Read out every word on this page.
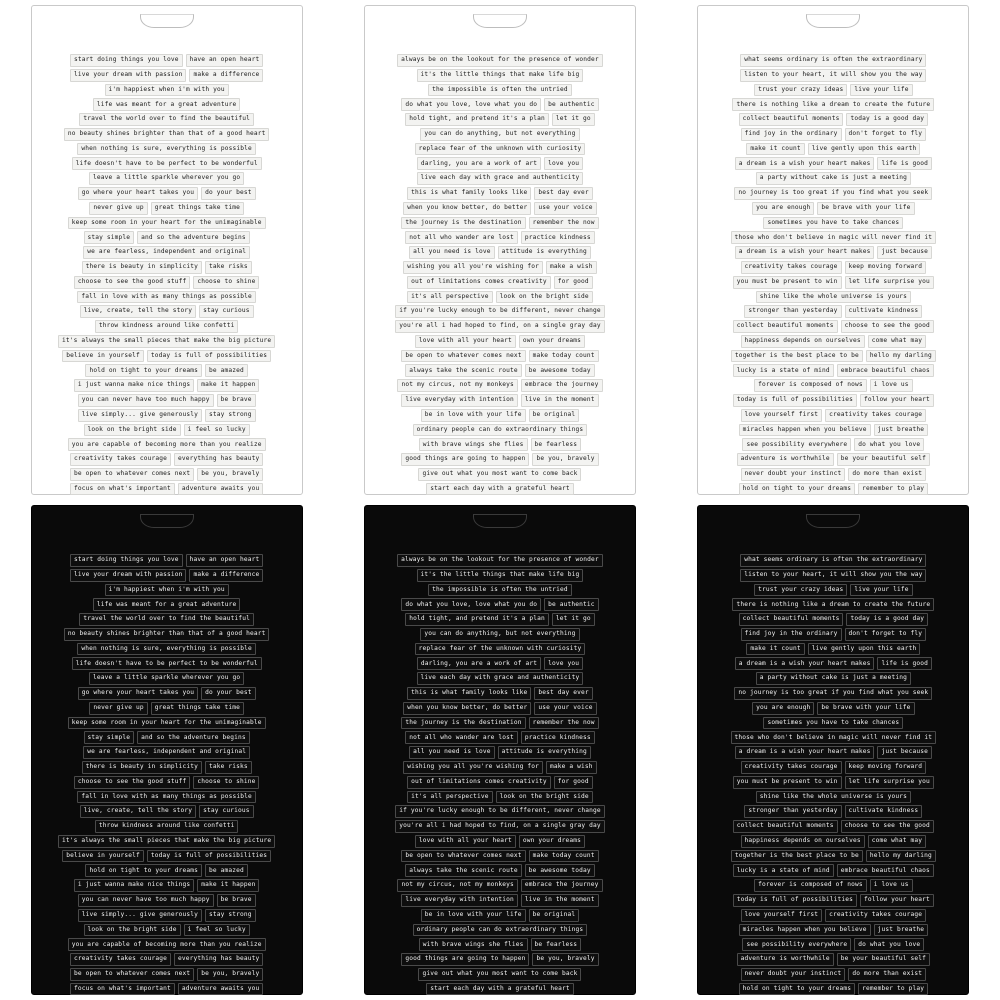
start doing things you love	have an open heart
live your dream with passion	make a difference
i'm happiest when i'm with you
life was meant for a great adventure
travel the world over to find the beautiful
no beauty shines brighter than that of a good heart
when nothing is sure, everything is possible
life doesn't have to be perfect to be wonderful
leave a little sparkle wherever you go
go where your heart takes you	do your best
never give up	great things take time
keep some room in your heart for the unimaginable
stay simple	and so the adventure begins
we are fearless, independent and original
there is beauty in simplicity	take risks
choose to see the good stuff	choose to shine
fall in love with as many things as possible
live, create, tell the story	stay curious
throw kindness around like confetti
it's always the small pieces that make the big picture
believe in yourself	today is full of possibilities
hold on tight to your dreams	be amazed
i just wanna make nice things	make it happen
you can never have too much happy	be brave
live simply... give generously	stay strong
look on the bright side	i feel so lucky
you are capable of becoming more than you realize
creativity takes courage	everything has beauty
be open to whatever comes next	be you, bravely
focus on what's important	adventure awaits you
always be on the lookout for the presence of wonder
it's the little things that make life big
the impossible is often the untried
do what you love, love what you do	be authentic
hold tight, and pretend it's a plan	let it go
you can do anything, but not everything
replace fear of the unknown with curiosity
darling, you are a work of art	love you
live each day with grace and authenticity
this is what family looks like	best day ever
when you know better, do better	use your voice
the journey is the destination	remember the now
not all who wander are lost	practice kindness
all you need is love	attitude is everything
wishing you all you're wishing for	make a wish
out of limitations comes creativity	for good
it's all perspective	look on the bright side
if you're lucky enough to be different, never change
you're all i had hoped to find, on a single gray day
love with all your heart	own your dreams
be open to whatever comes next	make today count
always take the scenic route	be awesome today
not my circus, not my monkeys	embrace the journey
live everyday with intention	live in the moment
be in love with your life	be original
ordinary people can do extraordinary things
with brave wings she flies	be fearless
good things are going to happen	be you, bravely
give out what you most want to come back
start each day with a grateful heart
what seems ordinary is often the extraordinary
listen to your heart, it will show you the way
trust your crazy ideas	live your life
there is nothing like a dream to create the future
collect beautiful moments	today is a good day
find joy in the ordinary	don't forget to fly
make it count	live gently upon this earth
a dream is a wish your heart makes	life is good
a party without cake is just a meeting
no journey is too great if you find what you seek
you are enough	be brave with your life
sometimes you have to take chances
those who don't believe in magic will never find it
a dream is a wish your heart makes	just because
creativity takes courage	keep moving forward
you must be present to win	let life surprise you
shine like the whole universe is yours
stronger than yesterday	cultivate kindness
collect beautiful moments	choose to see the good
happiness depends on ourselves	come what may
together is the best place to be	hello my darling
lucky is a state of mind	embrace beautiful chaos
forever is composed of nows	i love us
today is full of possibilities	follow your heart
love yourself first	creativity takes courage
miracles happen when you believe	just breathe
see possibility everywhere	do what you love
adventure is worthwhile	be your beautiful self
never doubt your instinct	do more than exist
hold on tight to your dreams	remember to play
start doing things you love	have an open heart
live your dream with passion	make a difference
i'm happiest when i'm with you
life was meant for a great adventure
travel the world over to find the beautiful
no beauty shines brighter than that of a good heart
when nothing is sure, everything is possible
life doesn't have to be perfect to be wonderful
leave a little sparkle wherever you go
go where your heart takes you	do your best
never give up	great things take time
keep some room in your heart for the unimaginable
stay simple	and so the adventure begins
we are fearless, independent and original
there is beauty in simplicity	take risks
choose to see the good stuff	choose to shine
fall in love with as many things as possible
live, create, tell the story	stay curious
throw kindness around like confetti
it's always the small pieces that make the big picture
believe in yourself	today is full of possibilities
hold on tight to your dreams	be amazed
i just wanna make nice things	make it happen
you can never have too much happy	be brave
live simply... give generously	stay strong
look on the bright side	i feel so lucky
you are capable of becoming more than you realize
creativity takes courage	everything has beauty
be open to whatever comes next	be you, bravely
focus on what's important	adventure awaits you
always be on the lookout for the presence of wonder
it's the little things that make life big
the impossible is often the untried
do what you love, love what you do	be authentic
hold tight, and pretend it's a plan	let it go
you can do anything, but not everything
replace fear of the unknown with curiosity
darling, you are a work of art	love you
live each day with grace and authenticity
this is what family looks like	best day ever
when you know better, do better	use your voice
the journey is the destination	remember the now
not all who wander are lost	practice kindness
all you need is love	attitude is everything
wishing you all you're wishing for	make a wish
out of limitations comes creativity	for good
it's all perspective	look on the bright side
if you're lucky enough to be different, never change
you're all i had hoped to find, on a single gray day
love with all your heart	own your dreams
be open to whatever comes next	make today count
always take the scenic route	be awesome today
not my circus, not my monkeys	embrace the journey
live everyday with intention	live in the moment
be in love with your life	be original
ordinary people can do extraordinary things
with brave wings she flies	be fearless
good things are going to happen	be you, bravely
give out what you most want to come back
start each day with a grateful heart
what seems ordinary is often the extraordinary
listen to your heart, it will show you the way
trust your crazy ideas	live your life
there is nothing like a dream to create the future
collect beautiful moments	today is a good day
find joy in the ordinary	don't forget to fly
make it count	live gently upon this earth
a dream is a wish your heart makes	life is good
a party without cake is just a meeting
no journey is too great if you find what you seek
you are enough	be brave with your life
sometimes you have to take chances
those who don't believe in magic will never find it
a dream is a wish your heart makes	just because
creativity takes courage	keep moving forward
you must be present to win	let life surprise you
shine like the whole universe is yours
stronger than yesterday	cultivate kindness
collect beautiful moments	choose to see the good
happiness depends on ourselves	come what may
together is the best place to be	hello my darling
lucky is a state of mind	embrace beautiful chaos
forever is composed of nows	i love us
today is full of possibilities	follow your heart
love yourself first	creativity takes courage
miracles happen when you believe	just breathe
see possibility everywhere	do what you love
adventure is worthwhile	be your beautiful self
never doubt your instinct	do more than exist
hold on tight to your dreams	remember to play
